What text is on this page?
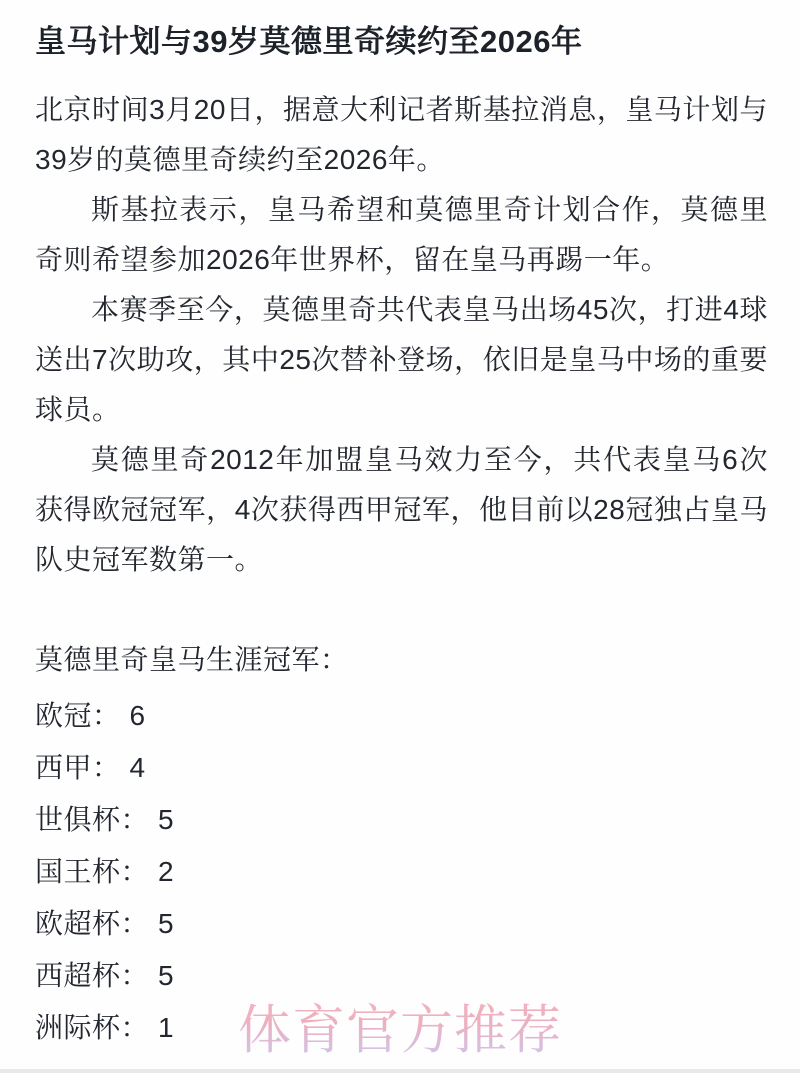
皇马计划与39岁莫德里奇续约至2026年

北京时间3月20日，据意大利记者斯基拉消息，皇马计划与39岁的莫德里奇续约至2026年。

斯基拉表示，皇马希望和莫德里奇计划合作，莫德里奇则希望参加2026年世界杯，留在皇马再踢一年。

本赛季至今，莫德里奇共代表皇马出场45次，打进4球送出7次助攻，其中25次替补登场，依旧是皇马中场的重要球员。

莫德里奇2012年加盟皇马效力至今，共代表皇马6次获得欧冠冠军，4次获得西甲冠军，他目前以28冠独占皇马队史冠军数第一。

莫德里奇皇马生涯冠军：
欧冠： 6
西甲： 4
世俱杯： 5
国王杯： 2
欧超杯： 5
西超杯： 5
洲际杯： 1	体育官方推荐
